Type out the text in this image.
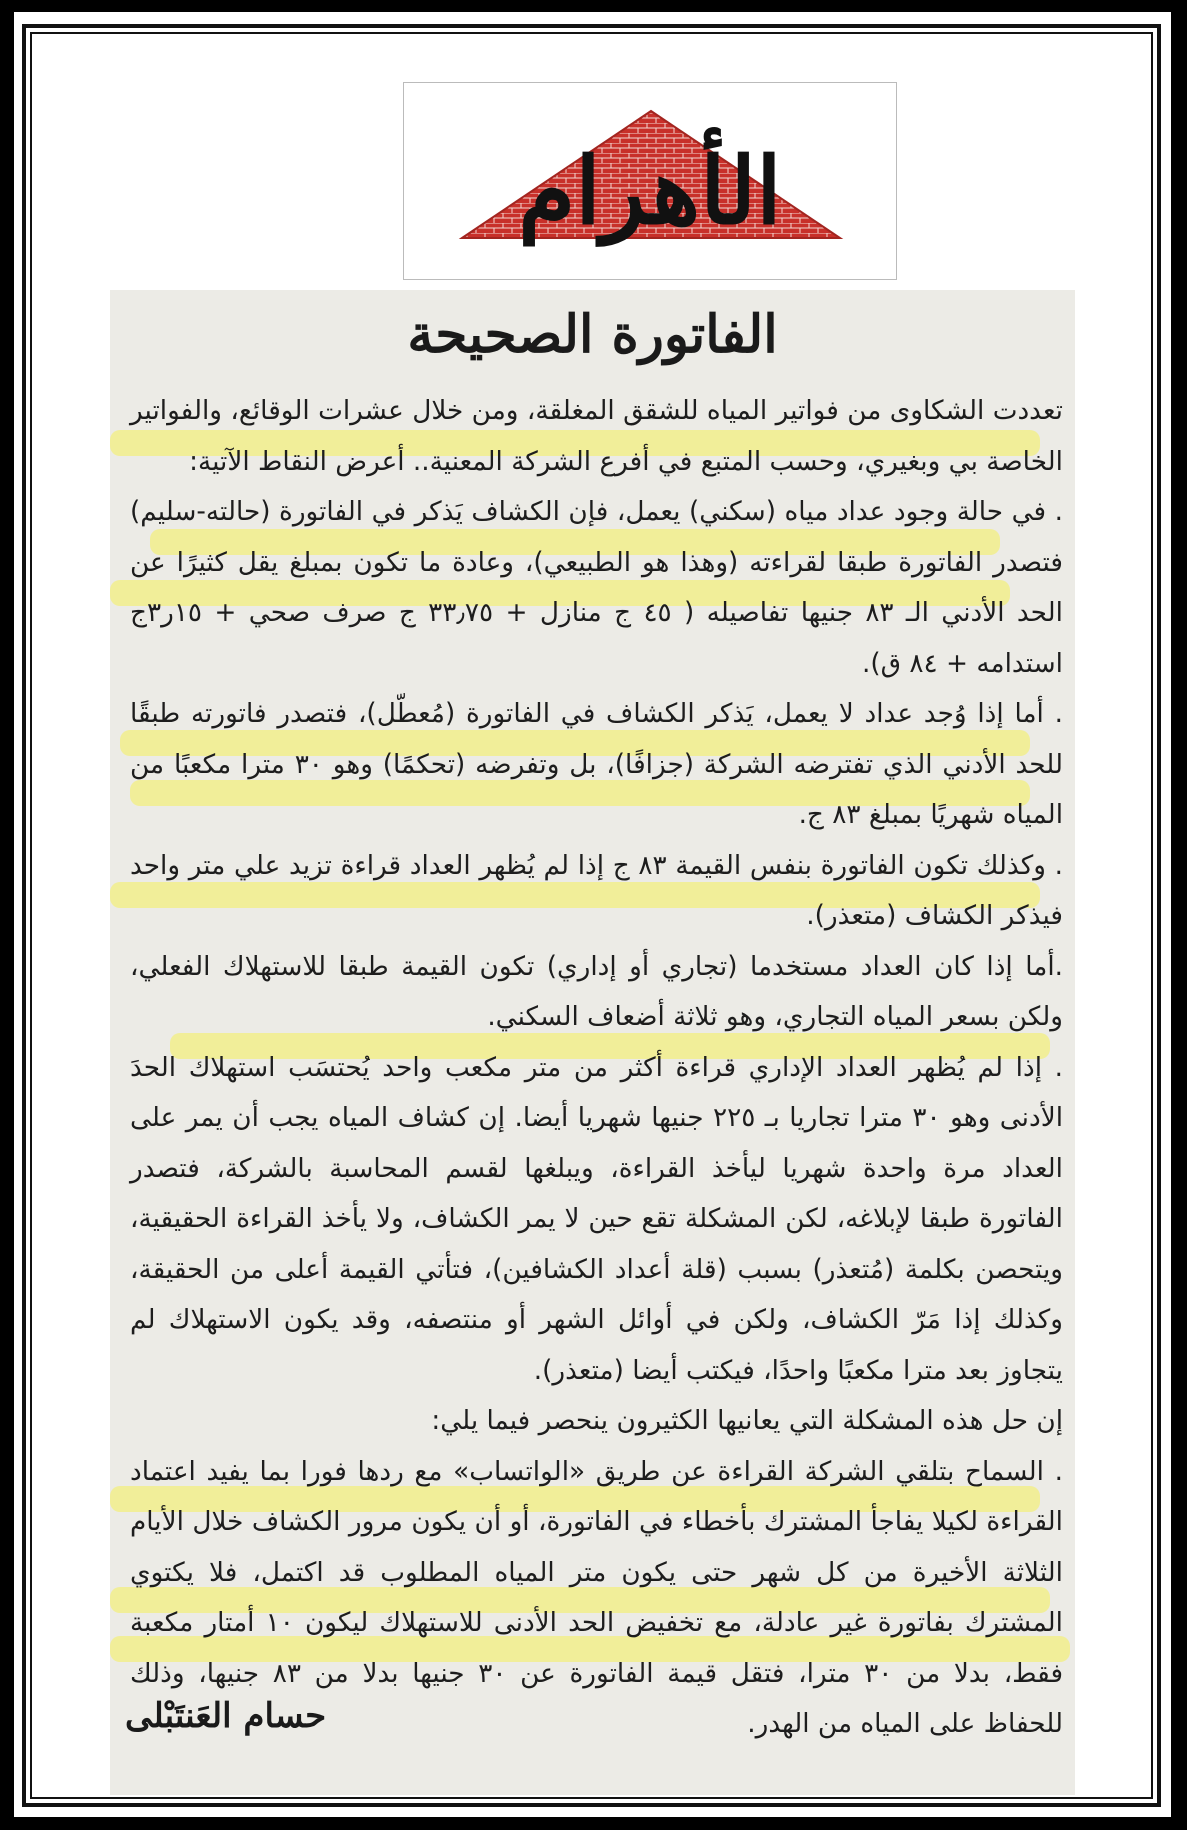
الأهرام
الفاتورة الصحيحة

تعددت الشكاوى من فواتير المياه للشقق المغلقة، ومن خلال عشرات الوقائع، والفواتير الخاصة بي وبغيري، وحسب المتبع في أفرع الشركة المعنية.. أعرض النقاط الآتية:

. في حالة وجود عداد مياه (سكني) يعمل، فإن الكشاف يَذكر في الفاتورة (حالته-سليم) فتصدر الفاتورة طبقا لقراءته (وهذا هو الطبيعي)، وعادة ما تكون بمبلغ يقل كثيرًا عن الحد الأدني الـ ٨٣ جنيها تفاصيله ( ٤٥ ج منازل + ٣٣٫٧٥ ج صرف صحي + ١٥ر٣ج استدامه + ٨٤ ق).

. أما إذا وُجد عداد لا يعمل، يَذكر الكشاف في الفاتورة (مُعطّل)، فتصدر فاتورته طبقًا للحد الأدني الذي تفترضه الشركة (جزافًا)، بل وتفرضه (تحكمًا) وهو ٣٠ مترا مكعبًا من المياه شهريًا بمبلغ ٨٣ ج.

. وكذلك تكون الفاتورة بنفس القيمة ٨٣ ج إذا لم يُظهر العداد قراءة تزيد علي متر واحد فيذكر الكشاف (متعذر).

.أما إذا كان العداد مستخدما (تجاري أو إداري) تكون القيمة طبقا للاستهلاك الفعلي، ولكن بسعر المياه التجاري، وهو ثلاثة أضعاف السكني.

. إذا لم يُظهر العداد الإداري قراءة أكثر من متر مكعب واحد يُحتسَب استهلاك الحدَ الأدنى وهو ٣٠ مترا تجاريا بـ ٢٢٥ جنيها شهريا أيضا. إن كشاف المياه يجب أن يمر على العداد مرة واحدة شهريا ليأخذ القراءة، ويبلغها لقسم المحاسبة بالشركة، فتصدر الفاتورة طبقا لإبلاغه، لكن المشكلة تقع حين لا يمر الكشاف، ولا يأخذ القراءة الحقيقية، ويتحصن بكلمة (مُتعذر) بسبب (قلة أعداد الكشافين)، فتأتي القيمة أعلى من الحقيقة، وكذلك إذا مَرّ الكشاف، ولكن في أوائل الشهر أو منتصفه، وقد يكون الاستهلاك لم يتجاوز بعد مترا مكعبًا واحدًا، فيكتب أيضا (متعذر).

إن حل هذه المشكلة التي يعانيها الكثيرون ينحصر فيما يلي:

. السماح بتلقي الشركة القراءة عن طريق «الواتساب» مع ردها فورا بما يفيد اعتماد القراءة لكيلا يفاجأ المشترك بأخطاء في الفاتورة، أو أن يكون مرور الكشاف خلال الأيام الثلاثة الأخيرة من كل شهر حتى يكون متر المياه المطلوب قد اكتمل، فلا يكتوي المشترك بفاتورة غير عادلة، مع تخفيض الحد الأدنى للاستهلاك ليكون ١٠ أمتار مكعبة فقط، بدلا من ٣٠ مترا، فتقل قيمة الفاتورة عن ٣٠ جنيها بدلا من ٨٣ جنيها، وذلك للحفاظ على المياه من الهدر.

حسام العَنتَبْلى
